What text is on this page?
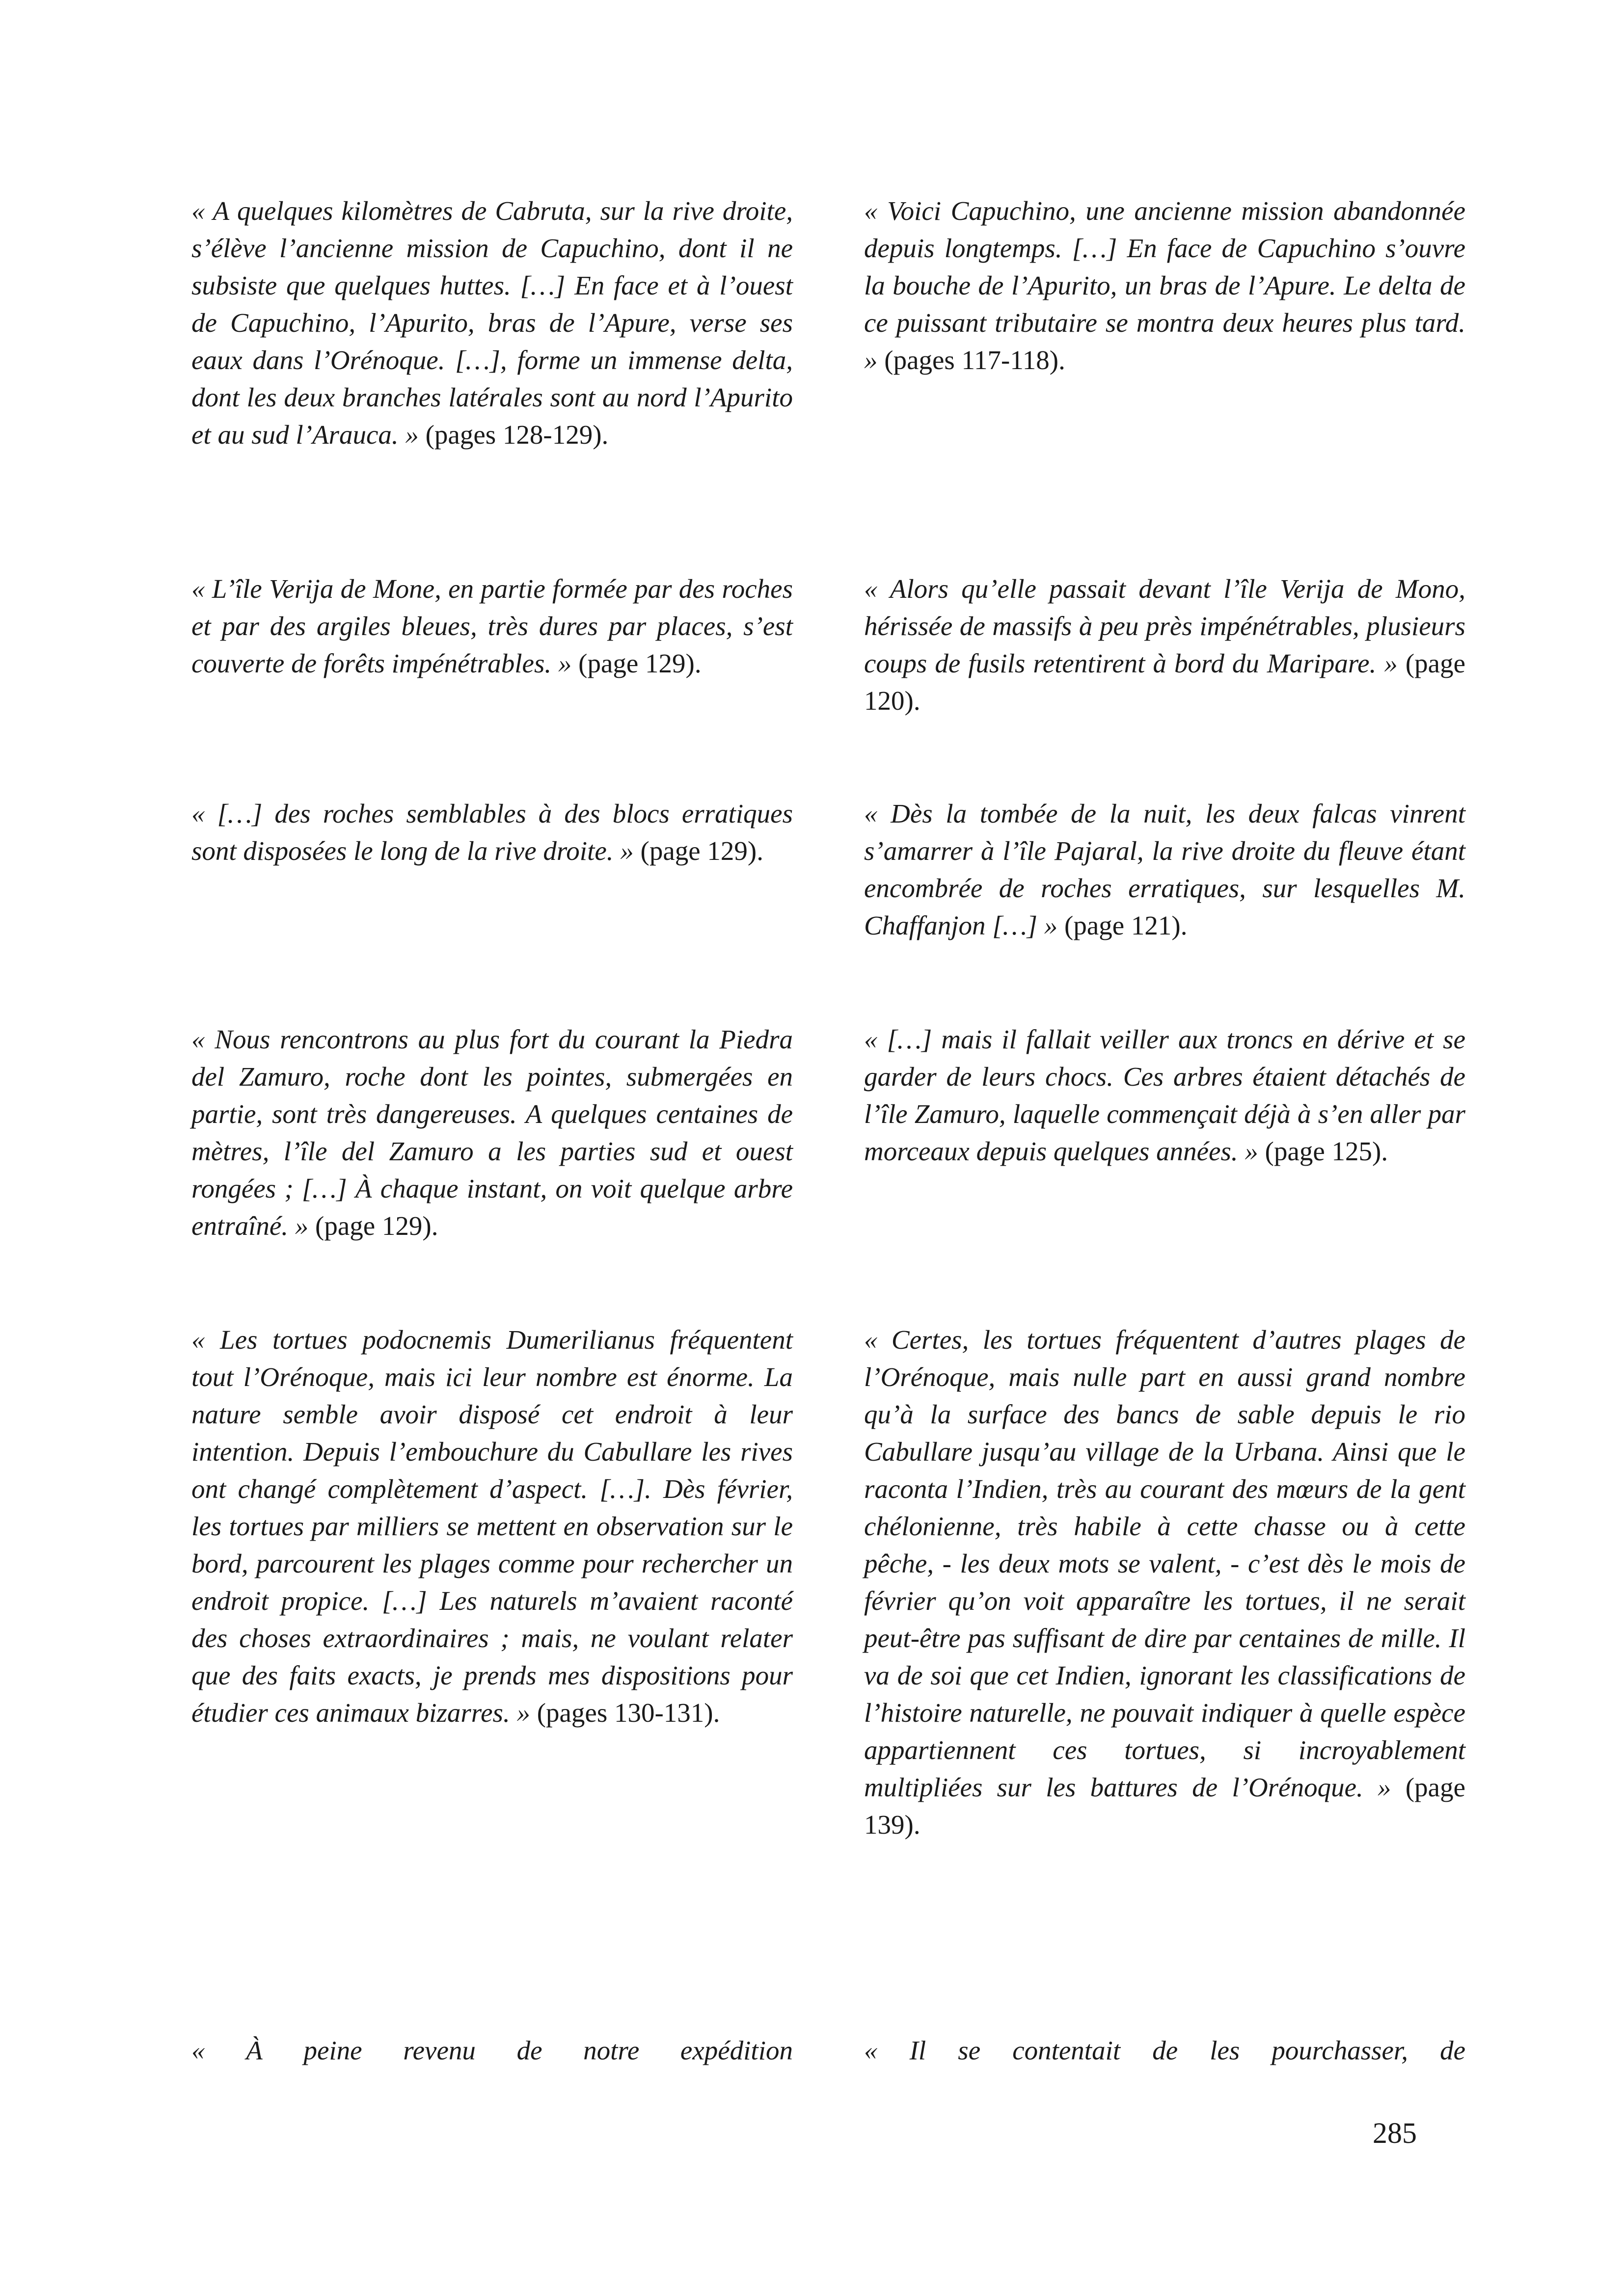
« A quelques kilomètres de Cabruta, sur la rive droite, s’élève l’ancienne mission de Capuchino, dont il ne subsiste que quelques huttes. […] En face et à l’ouest de Capuchino, l’Apurito, bras de l’Apure, verse ses eaux dans l’Orénoque. […], forme un immense delta, dont les deux branches latérales sont au nord l’Apurito et au sud l’Arauca. » (pages 128-129).

« Voici Capuchino, une ancienne mission abandonnée depuis longtemps. […] En face de Capuchino s’ouvre la bouche de l’Apurito, un bras de l’Apure. Le delta de ce puissant tributaire se montra deux heures plus tard. » (pages 117-118).

« L’île Verija de Mone, en partie formée par des roches et par des argiles bleues, très dures par places, s’est couverte de forêts impénétrables. » (page 129).

« Alors qu’elle passait devant l’île Verija de Mono, hérissée de massifs à peu près impénétrables, plusieurs coups de fusils retentirent à bord du Maripare. » (page 120).

« […] des roches semblables à des blocs erratiques sont disposées le long de la rive droite. » (page 129).

« Dès la tombée de la nuit, les deux falcas vinrent s’amarrer à l’île Pajaral, la rive droite du fleuve étant encombrée de roches erratiques, sur lesquelles M. Chaffanjon […] » (page 121).

« Nous rencontrons au plus fort du courant la Piedra del Zamuro, roche dont les pointes, submergées en partie, sont très dangereuses. A quelques centaines de mètres, l’île del Zamuro a les parties sud et ouest rongées ; […] À chaque instant, on voit quelque arbre entraîné. » (page 129).

« […] mais il fallait veiller aux troncs en dérive et se garder de leurs chocs. Ces arbres étaient détachés de l’île Zamuro, laquelle commençait déjà à s’en aller par morceaux depuis quelques années. » (page 125).

« Les tortues podocnemis Dumerilianus fréquentent tout l’Orénoque, mais ici leur nombre est énorme. La nature semble avoir disposé cet endroit à leur intention. Depuis l’embouchure du Cabullare les rives ont changé complètement d’aspect. […]. Dès février, les tortues par milliers se mettent en observation sur le bord, parcourent les plages comme pour rechercher un endroit propice. […] Les naturels m’avaient raconté des choses extraordinaires ; mais, ne voulant relater que des faits exacts, je prends mes dispositions pour étudier ces animaux bizarres. » (pages 130-131).

« Certes, les tortues fréquentent d’autres plages de l’Orénoque, mais nulle part en aussi grand nombre qu’à la surface des bancs de sable depuis le rio Cabullare jusqu’au village de la Urbana. Ainsi que le raconta l’Indien, très au courant des mœurs de la gent chélonienne, très habile à cette chasse ou à cette pêche, - les deux mots se valent, - c’est dès le mois de février qu’on voit apparaître les tortues, il ne serait peut-être pas suffisant de dire par centaines de mille. Il va de soi que cet Indien, ignorant les classifications de l’histoire naturelle, ne pouvait indiquer à quelle espèce appartiennent ces tortues, si incroyablement multipliées sur les battures de l’Orénoque. » (page 139).

« À peine revenu de notre expédition	« Il se contentait de les pourchasser, de

285
